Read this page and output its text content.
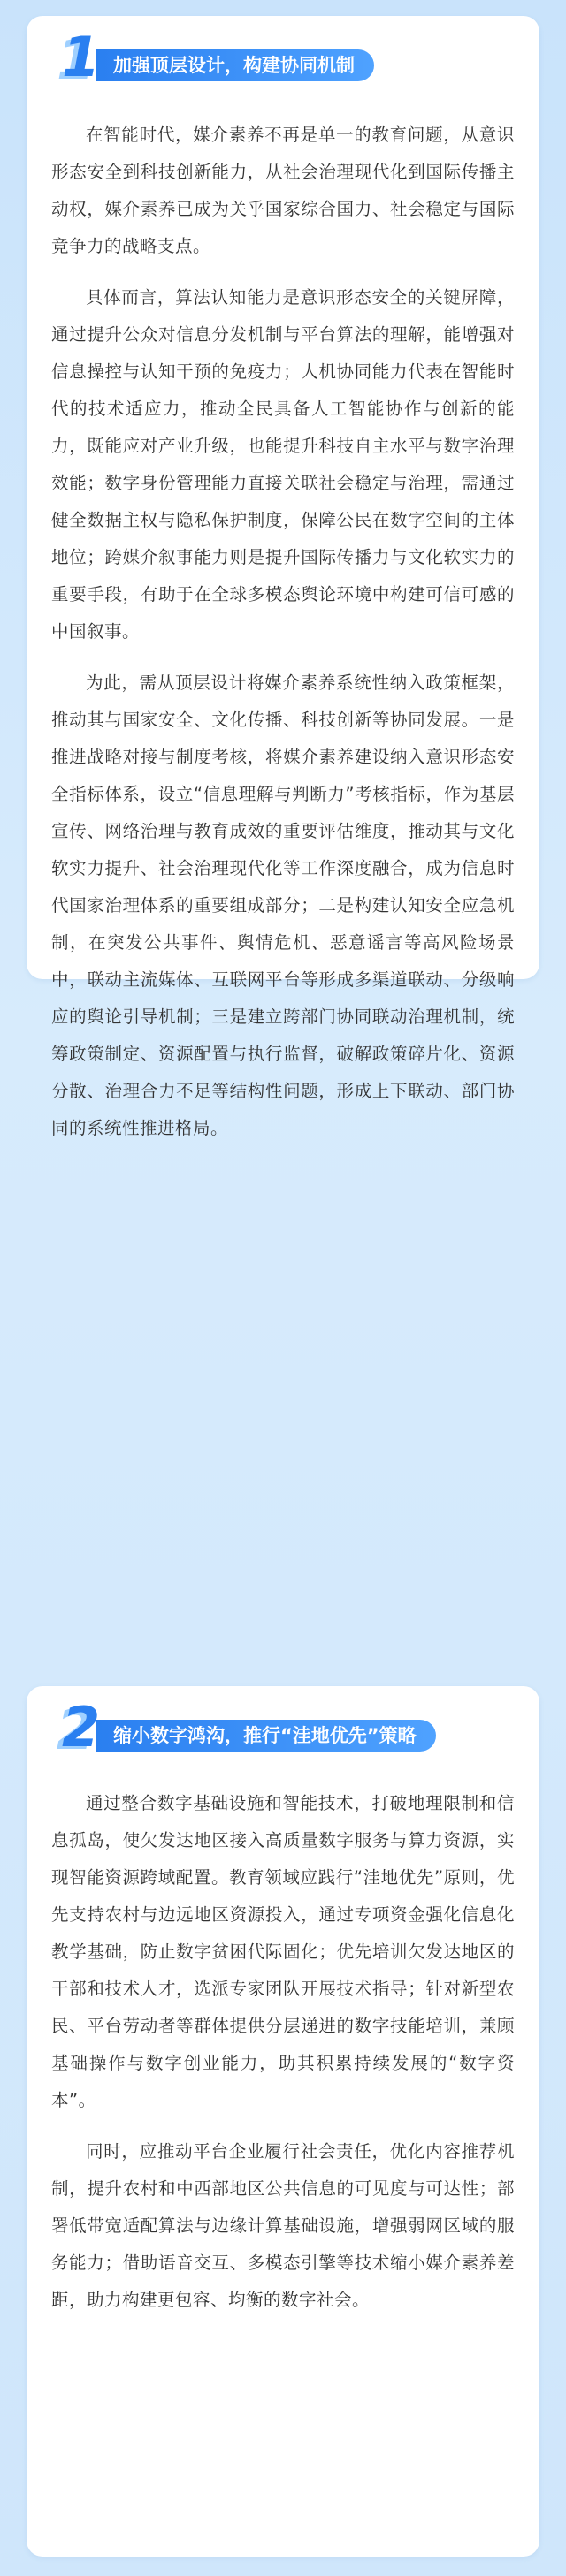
1 加强顶层设计，构建协同机制

在智能时代，媒介素养不再是单一的教育问题，从意识形态安全到科技创新能力，从社会治理现代化到国际传播主动权，媒介素养已成为关乎国家综合国力、社会稳定与国际竞争力的战略支点。

具体而言，算法认知能力是意识形态安全的关键屏障，通过提升公众对信息分发机制与平台算法的理解，能增强对信息操控与认知干预的免疫力；人机协同能力代表在智能时代的技术适应力，推动全民具备人工智能协作与创新的能力，既能应对产业升级，也能提升科技自主水平与数字治理效能；数字身份管理能力直接关联社会稳定与治理，需通过健全数据主权与隐私保护制度，保障公民在数字空间的主体地位；跨媒介叙事能力则是提升国际传播力与文化软实力的重要手段，有助于在全球多模态舆论环境中构建可信可感的中国叙事。

为此，需从顶层设计将媒介素养系统性纳入政策框架，推动其与国家安全、文化传播、科技创新等协同发展。一是推进战略对接与制度考核，将媒介素养建设纳入意识形态安全指标体系，设立“信息理解与判断力”考核指标，作为基层宣传、网络治理与教育成效的重要评估维度，推动其与文化软实力提升、社会治理现代化等工作深度融合，成为信息时代国家治理体系的重要组成部分；二是构建认知安全应急机制，在突发公共事件、舆情危机、恶意谣言等高风险场景中，联动主流媒体、互联网平台等形成多渠道联动、分级响应的舆论引导机制；三是建立跨部门协同联动治理机制，统筹政策制定、资源配置与执行监督，破解政策碎片化、资源分散、治理合力不足等结构性问题，形成上下联动、部门协同的系统性推进格局。

2 缩小数字鸿沟，推行“洼地优先”策略

通过整合数字基础设施和智能技术，打破地理限制和信息孤岛，使欠发达地区接入高质量数字服务与算力资源，实现智能资源跨域配置。教育领域应践行“洼地优先”原则，优先支持农村与边远地区资源投入，通过专项资金强化信息化教学基础，防止数字贫困代际固化；优先培训欠发达地区的干部和技术人才，选派专家团队开展技术指导；针对新型农民、平台劳动者等群体提供分层递进的数字技能培训，兼顾基础操作与数字创业能力，助其积累持续发展的“数字资本”。

同时，应推动平台企业履行社会责任，优化内容推荐机制，提升农村和中西部地区公共信息的可见度与可达性；部署低带宽适配算法与边缘计算基础设施，增强弱网区域的服务能力；借助语音交互、多模态引擎等技术缩小媒介素养差距，助力构建更包容、均衡的数字社会。
